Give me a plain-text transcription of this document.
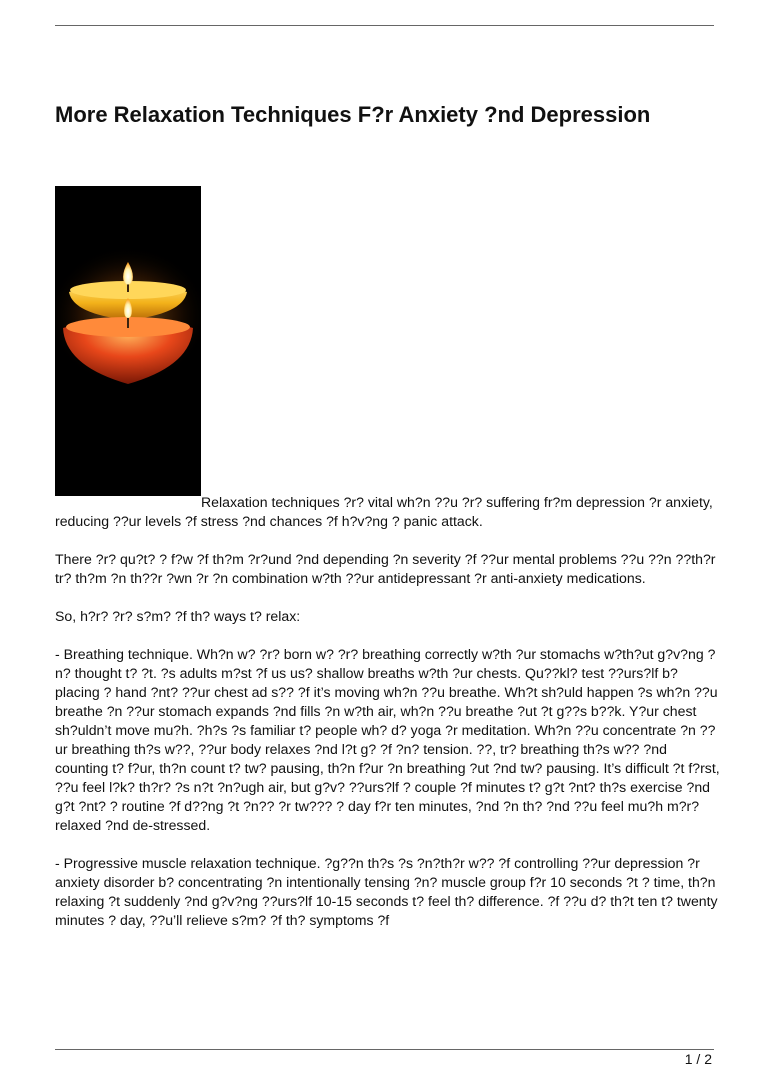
More Relaxation Techniques F?r Anxiety ?nd Depression

Relaxation techniques ?r? vital wh?n ??u ?r? suffering fr?m depression ?r anxiety, reducing ??ur levels ?f stress ?nd chances ?f h?v?ng ? panic attack.

There ?r? qu?t? ? f?w ?f th?m ?r?und ?nd depending ?n severity ?f ??ur mental problems ??u ??n ??th?r tr? th?m ?n th??r ?wn ?r ?n combination w?th ??ur antidepressant ?r anti-anxiety medications.

So, h?r? ?r? s?m? ?f th? ways t? relax:

- Breathing technique. Wh?n w? ?r? born w? ?r? breathing correctly w?th ?ur stomachs w?th?ut g?v?ng ?n? thought t? ?t. ?s adults m?st ?f us us? shallow breaths w?th ?ur chests. Qu??kl? test ??urs?lf b? placing ? hand ?nt? ??ur chest ad s?? ?f it’s moving wh?n ??u breathe. Wh?t sh?uld happen ?s wh?n ??u breathe ?n ??ur stomach expands ?nd fills ?n w?th air, wh?n ??u breathe ?ut ?t g??s b??k. Y?ur chest sh?uldn’t move mu?h. ?h?s ?s familiar t? people wh? d? yoga ?r meditation. Wh?n ??u concentrate ?n ??ur breathing th?s w??, ??ur body relaxes ?nd l?t g? ?f ?n? tension. ??, tr? breathing th?s w?? ?nd counting t? f?ur, th?n count t? tw? pausing, th?n f?ur ?n breathing ?ut ?nd tw? pausing. It’s difficult ?t f?rst, ??u feel l?k? th?r? ?s n?t ?n?ugh air, but g?v? ??urs?lf ? couple ?f minutes t? g?t ?nt? th?s exercise ?nd g?t ?nt? ? routine ?f d??ng ?t ?n?? ?r tw??? ? day f?r ten minutes, ?nd ?n th? ?nd ??u feel mu?h m?r? relaxed ?nd de-stressed.

- Progressive muscle relaxation technique. ?g??n th?s ?s ?n?th?r w?? ?f controlling ??ur depression ?r anxiety disorder b? concentrating ?n intentionally tensing ?n? muscle group f?r 10 seconds ?t ? time, th?n relaxing ?t suddenly ?nd g?v?ng ??urs?lf 10-15 seconds t? feel th? difference. ?f ??u d? th?t ten t? twenty minutes ? day, ??u’ll relieve s?m? ?f th? symptoms ?f

1 / 2
